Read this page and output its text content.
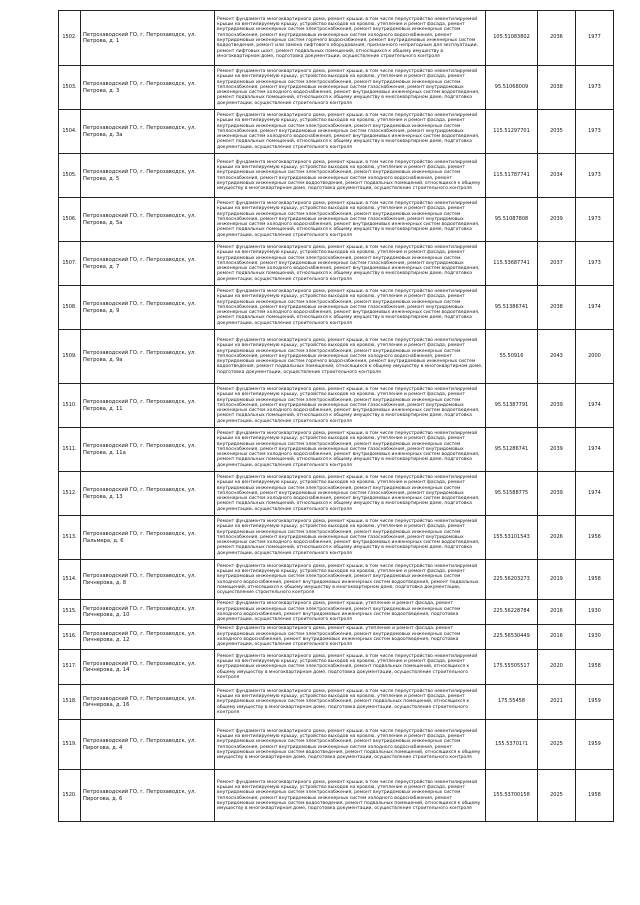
1502.	Петрозаводский ГО, г. Петрозаводск, ул. Петрова, д. 1	Ремонт фундамента многоквартирного дома, ремонт крыши, в том числе переустройство невентилируемой крыши на вентилируемую крышу, устройство выходов на кровлю, утепление и ремонт фасада, ремонт внутридомовых инженерных систем электроснабжения, ремонт внутридомовых инженерных систем теплоснабжения, ремонт внутридомовых инженерных систем холодного водоснабжения, ремонт внутридомовых инженерных систем горячего водоснабжения, ремонт внутридомовых инженерных систем водоотведения, ремонт или замена лифтового оборудования, признанного непригодным для эксплуатации, ремонт лифтовых шахт, ремонт подвальных помещений, относящихся к общему имуществу в многоквартирном доме, подготовка документации, осуществление строительного контроля	105.51083802	2036	1977
1503.	Петрозаводский ГО, г. Петрозаводск, ул. Петрова, д. 3	Ремонт фундамента многоквартирного дома, ремонт крыши, в том числе переустройство невентилируемой крыши на вентилируемую крышу, устройство выходов на кровлю, утепление и ремонт фасада, ремонт внутридомовых инженерных систем электроснабжения, ремонт внутридомовых инженерных систем теплоснабжения, ремонт внутридомовых инженерных систем газоснабжения, ремонт внутридомовых инженерных систем холодного водоснабжения, ремонт внутридомовых инженерных систем водоотведения, ремонт подвальных помещений, относящихся к общему имуществу в многоквартирном доме, подготовка документации, осуществление строительного контроля	95.51068009	2038	1973
1504.	Петрозаводский ГО, г. Петрозаводск, ул. Петрова, д. 3а	Ремонт фундамента многоквартирного дома, ремонт крыши, в том числе переустройство невентилируемой крыши на вентилируемую крышу, устройство выходов на кровлю, утепление и ремонт фасада, ремонт внутридомовых инженерных систем электроснабжения, ремонт внутридомовых инженерных систем теплоснабжения, ремонт внутридомовых инженерных систем газоснабжения, ремонт внутридомовых инженерных систем холодного водоснабжения, ремонт внутридомовых инженерных систем водоотведения, ремонт подвальных помещений, относящихся к общему имуществу в многоквартирном доме, подготовка документации, осуществление строительного контроля	115.51297701	2035	1973
1505.	Петрозаводский ГО, г. Петрозаводск, ул. Петрова, д. 5	Ремонт фундамента многоквартирного дома, ремонт крыши, в том числе переустройство невентилируемой крыши на вентилируемую крышу, устройство выходов на кровлю, утепление и ремонт фасада, ремонт внутридомовых инженерных систем электроснабжения, ремонт внутридомовых инженерных систем теплоснабжения, ремонт внутридомовых инженерных систем холодного водоснабжения, ремонт внутридомовых инженерных систем водоотведения, ремонт подвальных помещений, относящихся к общему имуществу в многоквартирном доме, подготовка документации, осуществление строительного контроля	115.51787741	2034	1973
1506.	Петрозаводский ГО, г. Петрозаводск, ул. Петрова, д. 5а	Ремонт фундамента многоквартирного дома, ремонт крыши, в том числе переустройство невентилируемой крыши на вентилируемую крышу, устройство выходов на кровлю, утепление и ремонт фасада, ремонт внутридомовых инженерных систем электроснабжения, ремонт внутридомовых инженерных систем теплоснабжения, ремонт внутридомовых инженерных систем газоснабжения, ремонт внутридомовых инженерных систем холодного водоснабжения, ремонт внутридомовых инженерных систем водоотведения, ремонт подвальных помещений, относящихся к общему имуществу в многоквартирном доме, подготовка документации, осуществление строительного контроля	95.51087808	2039	1973
1507.	Петрозаводский ГО, г. Петрозаводск, ул. Петрова, д. 7	Ремонт фундамента многоквартирного дома, ремонт крыши, в том числе переустройство невентилируемой крыши на вентилируемую крышу, устройство выходов на кровлю, утепление и ремонт фасада, ремонт внутридомовых инженерных систем электроснабжения, ремонт внутридомовых инженерных систем теплоснабжения, ремонт внутридомовых инженерных систем газоснабжения, ремонт внутридомовых инженерных систем холодного водоснабжения, ремонт внутридомовых инженерных систем водоотведения, ремонт подвальных помещений, относящихся к общему имуществу в многоквартирном доме, подготовка документации, осуществление строительного контроля	115.53687741	2037	1973
1508.	Петрозаводский ГО, г. Петрозаводск, ул. Петрова, д. 9	Ремонт фундамента многоквартирного дома, ремонт крыши, в том числе переустройство невентилируемой крыши на вентилируемую крышу, устройство выходов на кровлю, утепление и ремонт фасада, ремонт внутридомовых инженерных систем электроснабжения, ремонт внутридомовых инженерных систем теплоснабжения, ремонт внутридомовых инженерных систем газоснабжения, ремонт внутридомовых инженерных систем холодного водоснабжения, ремонт внутридомовых инженерных систем водоотведения, ремонт подвальных помещений, относящихся к общему имуществу в многоквартирном доме, подготовка документации, осуществление строительного контроля	95.51386741	2038	1974
1509.	Петрозаводский ГО, г. Петрозаводск, ул. Петрова, д. 9а	Ремонт фундамента многоквартирного дома, ремонт крыши, в том числе переустройство невентилируемой крыши на вентилируемую крышу, устройство выходов на кровлю, утепление и ремонт фасада, ремонт внутридомовых инженерных систем электроснабжения, ремонт внутридомовых инженерных систем теплоснабжения, ремонт внутридомовых инженерных систем холодного водоснабжения, ремонт внутридомовых инженерных систем горячего водоснабжения, ремонт внутридомовых инженерных систем водоотведения, ремонт подвальных помещений, относящихся к общему имуществу в многоквартирном доме, подготовка документации, осуществление строительного контроля	55.50916	2043	2000
1510.	Петрозаводский ГО, г. Петрозаводск, ул. Петрова, д. 11	Ремонт фундамента многоквартирного дома, ремонт крыши, в том числе переустройство невентилируемой крыши на вентилируемую крышу, устройство выходов на кровлю, утепление и ремонт фасада, ремонт внутридомовых инженерных систем электроснабжения, ремонт внутридомовых инженерных систем теплоснабжения, ремонт внутридомовых инженерных систем газоснабжения, ремонт внутридомовых инженерных систем холодного водоснабжения, ремонт внутридомовых инженерных систем водоотведения, ремонт подвальных помещений, относящихся к общему имуществу в многоквартирном доме, подготовка документации, осуществление строительного контроля	95.51387791	2039	1974
1511.	Петрозаводский ГО, г. Петрозаводск, ул. Петрова, д. 11а	Ремонт фундамента многоквартирного дома, ремонт крыши, в том числе переустройство невентилируемой крыши на вентилируемую крышу, устройство выходов на кровлю, утепление и ремонт фасада, ремонт внутридомовых инженерных систем электроснабжения, ремонт внутридомовых инженерных систем теплоснабжения, ремонт внутридомовых инженерных систем газоснабжения, ремонт внутридомовых инженерных систем холодного водоснабжения, ремонт внутридомовых инженерных систем водоотведения, ремонт подвальных помещений, относящихся к общему имуществу в многоквартирном доме, подготовка документации, осуществление строительного контроля	95.51286741	2039	1974
1512.	Петрозаводский ГО, г. Петрозаводск, ул. Петрова, д. 13	Ремонт фундамента многоквартирного дома, ремонт крыши, в том числе переустройство невентилируемой крыши на вентилируемую крышу, устройство выходов на кровлю, утепление и ремонт фасада, ремонт внутридомовых инженерных систем электроснабжения, ремонт внутридомовых инженерных систем теплоснабжения, ремонт внутридомовых инженерных систем газоснабжения, ремонт внутридомовых инженерных систем холодного водоснабжения, ремонт внутридомовых инженерных систем водоотведения, ремонт подвальных помещений, относящихся к общему имуществу в многоквартирном доме, подготовка документации, осуществление строительного контроля	95.51588775	2039	1974
1513.	Петрозаводский ГО, г. Петрозаводск, ул. Пальмера, д. 6	Ремонт фундамента многоквартирного дома, ремонт крыши, в том числе переустройство невентилируемой крыши на вентилируемую крышу, устройство выходов на кровлю, утепление и ремонт фасада, ремонт внутридомовых инженерных систем электроснабжения, ремонт внутридомовых инженерных систем теплоснабжения, ремонт внутридомовых инженерных систем газоснабжения, ремонт внутридомовых инженерных систем холодного водоснабжения, ремонт внутридомовых инженерных систем водоотведения, ремонт подвальных помещений, относящихся к общему имуществу в многоквартирном доме, подготовка документации, осуществление строительного контроля	155.53101543	2026	1958
1514.	Петрозаводский ГО, г. Петрозаводск, ул. Пичнерова, д. 8	Ремонт фундамента многоквартирного дома, ремонт крыши, в том числе переустройство невентилируемой крыши на вентилируемую крышу, устройство выходов на кровлю, утепление и ремонт фасада, ремонт внутридомовых инженерных систем электроснабжения, ремонт внутридомовых инженерных систем холодного водоснабжения, ремонт внутридомовых инженерных систем водоотведения, ремонт подвальных помещений, относящихся к общему имуществу в многоквартирном доме, подготовка документации, осуществление строительного контроля	225.56203273	2019	1958
1515.	Петрозаводский ГО, г. Петрозаводск, ул. Пичнерова, д. 10	Ремонт фундамента многоквартирного дома, ремонт крыши, утепление и ремонт фасада, ремонт внутридомовых инженерных систем электроснабжения, ремонт внутридомовых инженерных систем холодного водоснабжения, ремонт внутридомовых инженерных систем водоотведения, подготовка документации, осуществление строительного контроля	225.56228784	2016	1930
1516.	Петрозаводский ГО, г. Петрозаводск, ул. Пичнерова, д. 12	Ремонт фундамента многоквартирного дома, ремонт крыши, утепление и ремонт фасада, ремонт внутридомовых инженерных систем электроснабжения, ремонт внутридомовых инженерных систем холодного водоснабжения, ремонт внутридомовых инженерных систем водоотведения, подготовка документации, осуществление строительного контроля	225.56530449	2016	1930
1517.	Петрозаводский ГО, г. Петрозаводск, ул. Пичнерова, д. 14	Ремонт фундамента многоквартирного дома, ремонт крыши, в том числе переустройство невентилируемой крыши на вентилируемую крышу, устройство выходов на кровлю, утепление и ремонт фасада, ремонт внутридомовых инженерных систем электроснабжения, ремонт подвальных помещений, относящихся к общему имуществу в многоквартирном доме, подготовка документации, осуществление строительного контроля	175.55505517	2020	1958
1518.	Петрозаводский ГО, г. Петрозаводск, ул. Пичнерова, д. 16	Ремонт фундамента многоквартирного дома, ремонт крыши, в том числе переустройство невентилируемой крыши на вентилируемую крышу, устройство выходов на кровлю, утепление и ремонт фасада, ремонт внутридомовых инженерных систем электроснабжения, ремонт подвальных помещений, относящихся к общему имуществу в многоквартирном доме, подготовка документации, осуществление строительного контроля	175.55458	2021	1959
1519.	Петрозаводский ГО, г. Петрозаводск, ул. Пирогова, д. 4	Ремонт фундамента многоквартирного дома, ремонт крыши, в том числе переустройство невентилируемой крыши на вентилируемую крышу, устройство выходов на кровлю, утепление и ремонт фасада, ремонт внутридомовых инженерных систем электроснабжения, ремонт внутридомовых инженерных систем теплоснабжения, ремонт внутридомовых инженерных систем холодного водоснабжения, ремонт внутридомовых инженерных систем водоотведения, ремонт подвальных помещений, относящихся к общему имуществу в многоквартирном доме, подготовка документации, осуществление строительного контроля	155.53701?1	2025	1959
1520.	Петрозаводский ГО, г. Петрозаводск, ул. Пирогова, д. 6	Ремонт фундамента многоквартирного дома, ремонт крыши, в том числе переустройство невентилируемой крыши на вентилируемую крышу, устройство выходов на кровлю, утепление и ремонт фасада, ремонт внутридомовых инженерных систем электроснабжения, ремонт внутридомовых инженерных систем теплоснабжения, ремонт внутридомовых инженерных систем холодного водоснабжения, ремонт внутридомовых инженерных систем водоотведения, ремонт подвальных помещений, относящихся к общему имуществу в многоквартирном доме, подготовка документации, осуществление строительного контроля	155.53700158	2025	1958
